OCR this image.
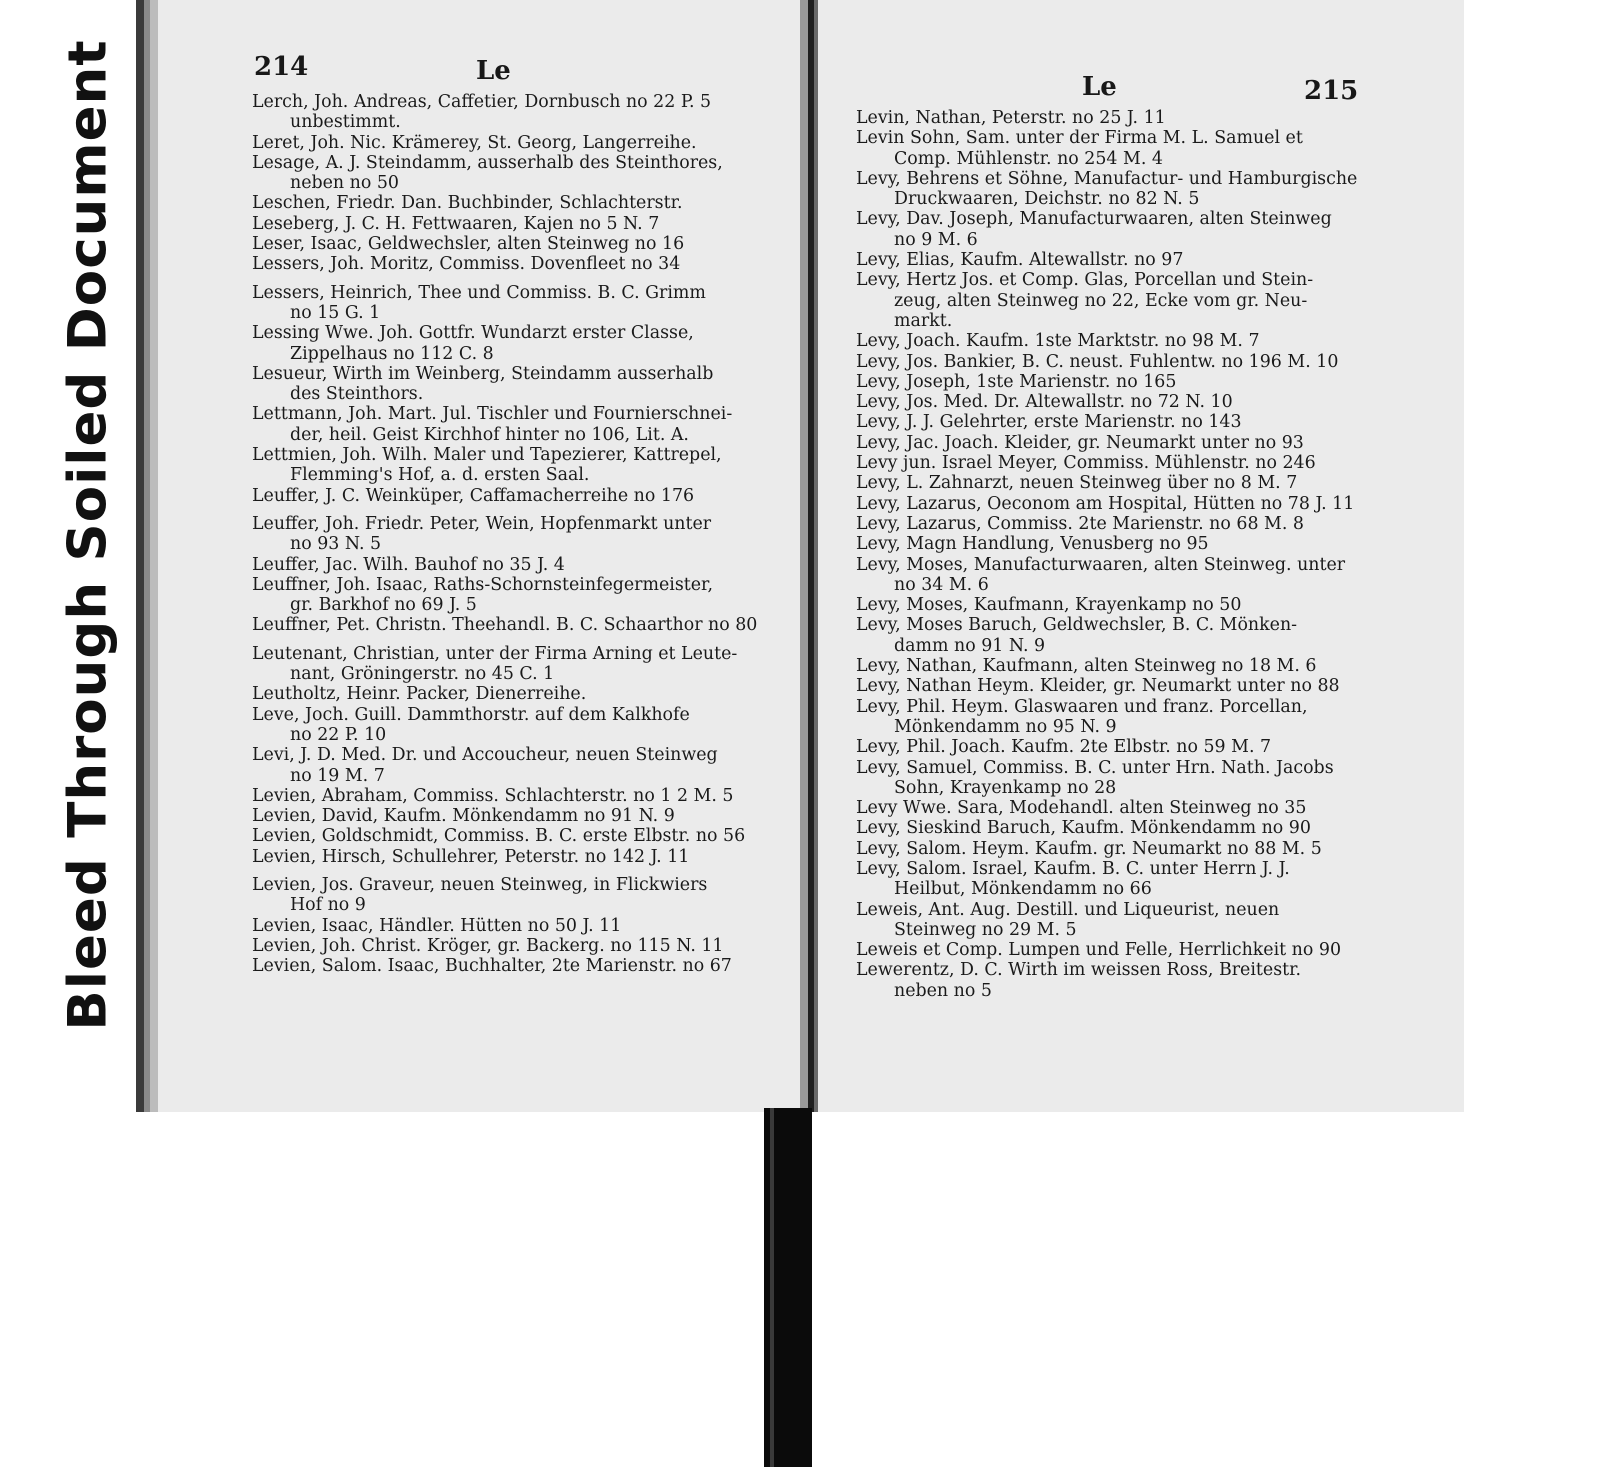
Bleed Through Soiled Document	214	Le
Lerch, Joh. Andreas, Caffetier, Dornbusch no 22 P. 5
unbestimmt.
Leret, Joh. Nic. Krämerey, St. Georg, Langerreihe.
Lesage, A. J. Steindamm, ausserhalb des Steinthores,
neben no 50
Leschen, Friedr. Dan. Buchbinder, Schlachterstr.
Leseberg, J. C. H. Fettwaaren, Kajen no 5 N. 7
Leser, Isaac, Geldwechsler, alten Steinweg no 16
Lessers, Joh. Moritz, Commiss. Dovenfleet no 34
Lessers, Heinrich, Thee und Commiss. B. C. Grimm
no 15 G. 1
Lessing Wwe. Joh. Gottfr. Wundarzt erster Classe,
Zippelhaus no 112 C. 8
Lesueur, Wirth im Weinberg, Steindamm ausserhalb
des Steinthors.
Lettmann, Joh. Mart. Jul. Tischler und Fournierschnei-
der, heil. Geist Kirchhof hinter no 106, Lit. A.
Lettmien, Joh. Wilh. Maler und Tapezierer, Kattrepel,
Flemming's Hof, a. d. ersten Saal.
Leuffer, J. C. Weinküper, Caffamacherreihe no 176
Leuffer, Joh. Friedr. Peter, Wein, Hopfenmarkt unter
no 93 N. 5
Leuffer, Jac. Wilh. Bauhof no 35 J. 4
Leuffner, Joh. Isaac, Raths-Schornsteinfegermeister,
gr. Barkhof no 69 J. 5
Leuffner, Pet. Christn. Theehandl. B. C. Schaarthor no 80
Leutenant, Christian, unter der Firma Arning et Leute-
nant, Gröningerstr. no 45 C. 1
Leutholtz, Heinr. Packer, Dienerreihe.
Leve, Joch. Guill. Dammthorstr. auf dem Kalkhofe
no 22 P. 10
Levi, J. D. Med. Dr. und Accoucheur, neuen Steinweg
no 19 M. 7
Levien, Abraham, Commiss. Schlachterstr. no 1 2 M. 5
Levien, David, Kaufm. Mönkendamm no 91 N. 9
Levien, Goldschmidt, Commiss. B. C. erste Elbstr. no 56
Levien, Hirsch, Schullehrer, Peterstr. no 142 J. 11
Levien, Jos. Graveur, neuen Steinweg, in Flickwiers
Hof no 9
Levien, Isaac, Händler. Hütten no 50 J. 11
Levien, Joh. Christ. Kröger, gr. Backerg. no 115 N. 11
Levien, Salom. Isaac, Buchhalter, 2te Marienstr. no 67
Le	215
Levin, Nathan, Peterstr. no 25 J. 11
Levin Sohn, Sam. unter der Firma M. L. Samuel et
Comp. Mühlenstr. no 254 M. 4
Levy, Behrens et Söhne, Manufactur- und Hamburgische
Druckwaaren, Deichstr. no 82 N. 5
Levy, Dav. Joseph, Manufacturwaaren, alten Steinweg
no 9 M. 6
Levy, Elias, Kaufm. Altewallstr. no 97
Levy, Hertz Jos. et Comp. Glas, Porcellan und Stein-
zeug, alten Steinweg no 22, Ecke vom gr. Neu-
markt.
Levy, Joach. Kaufm. 1ste Marktstr. no 98 M. 7
Levy, Jos. Bankier, B. C. neust. Fuhlentw. no 196 M. 10
Levy, Joseph, 1ste Marienstr. no 165
Levy, Jos. Med. Dr. Altewallstr. no 72 N. 10
Levy, J. J. Gelehrter, erste Marienstr. no 143
Levy, Jac. Joach. Kleider, gr. Neumarkt unter no 93
Levy jun. Israel Meyer, Commiss. Mühlenstr. no 246
Levy, L. Zahnarzt, neuen Steinweg über no 8 M. 7
Levy, Lazarus, Oeconom am Hospital, Hütten no 78 J. 11
Levy, Lazarus, Commiss. 2te Marienstr. no 68 M. 8
Levy, Magn Handlung, Venusberg no 95
Levy, Moses, Manufacturwaaren, alten Steinweg. unter
no 34 M. 6
Levy, Moses, Kaufmann, Krayenkamp no 50
Levy, Moses Baruch, Geldwechsler, B. C. Mönken-
damm no 91 N. 9
Levy, Nathan, Kaufmann, alten Steinweg no 18 M. 6
Levy, Nathan Heym. Kleider, gr. Neumarkt unter no 88
Levy, Phil. Heym. Glaswaaren und franz. Porcellan,
Mönkendamm no 95 N. 9
Levy, Phil. Joach. Kaufm. 2te Elbstr. no 59 M. 7
Levy, Samuel, Commiss. B. C. unter Hrn. Nath. Jacobs
Sohn, Krayenkamp no 28
Levy Wwe. Sara, Modehandl. alten Steinweg no 35
Levy, Sieskind Baruch, Kaufm. Mönkendamm no 90
Levy, Salom. Heym. Kaufm. gr. Neumarkt no 88 M. 5
Levy, Salom. Israel, Kaufm. B. C. unter Herrn J. J.
Heilbut, Mönkendamm no 66
Leweis, Ant. Aug. Destill. und Liqueurist, neuen
Steinweg no 29 M. 5
Leweis et Comp. Lumpen und Felle, Herrlichkeit no 90
Lewerentz, D. C. Wirth im weissen Ross, Breitestr.
neben no 5
